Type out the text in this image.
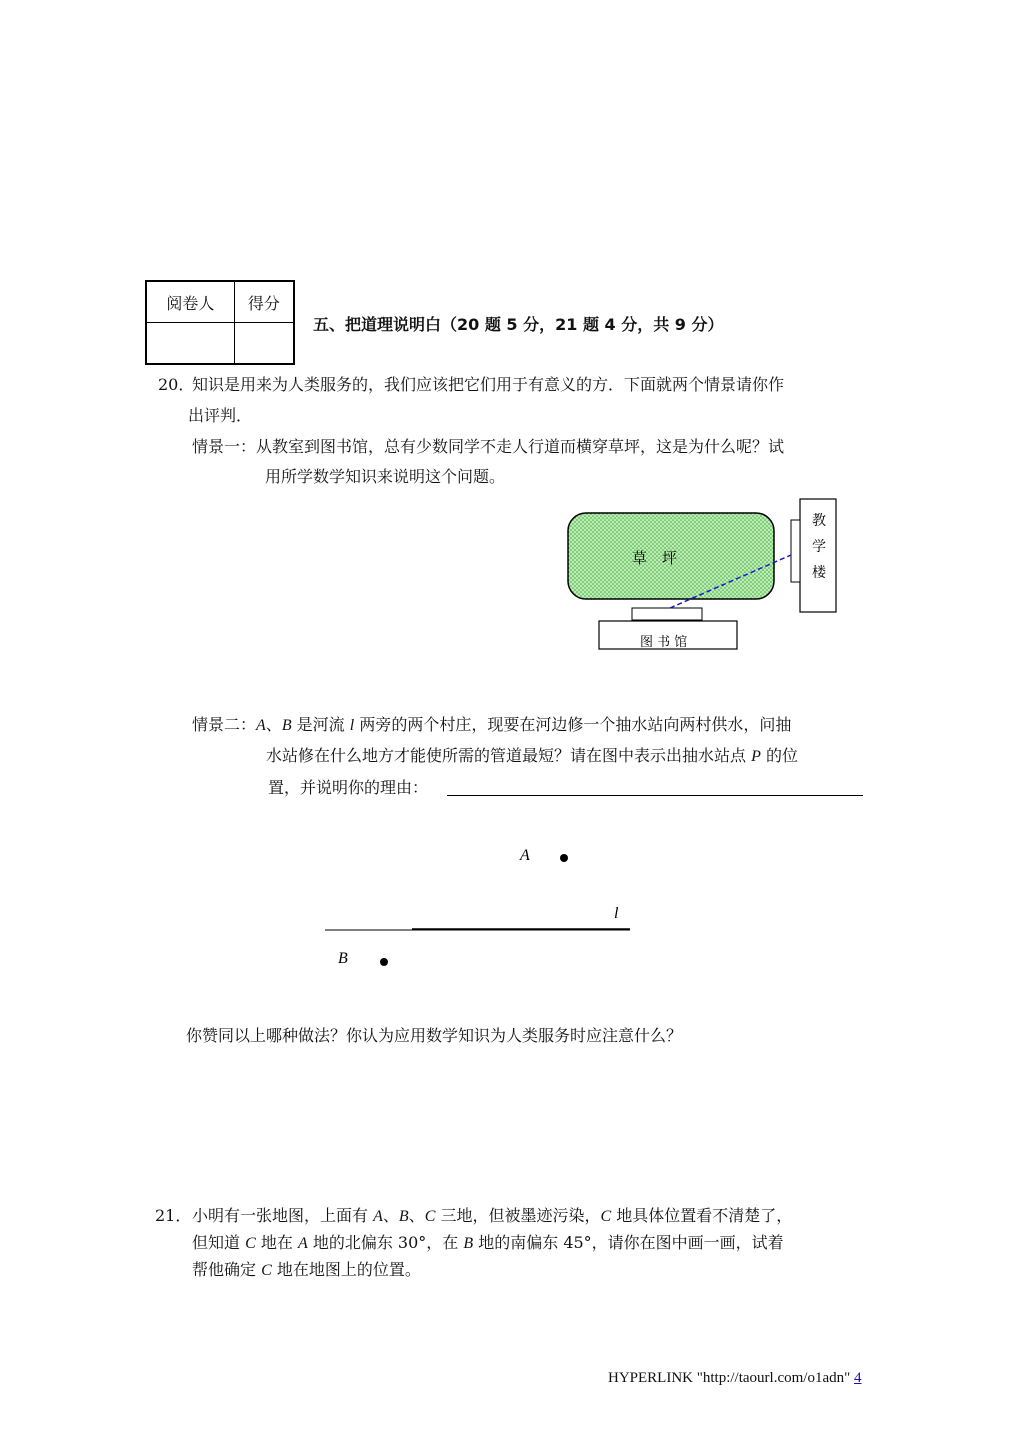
阅卷人	得分

五、把道理说明白（20 题 5 分，21 题 4 分，共 9 分）
20．
知识是用来为人类服务的，我们应该把它们用于有意义的方．下面就两个情景请你作
出评判．
情景一：从教室到图书馆，总有少数同学不走人行道而横穿草坪，这是为什么呢？试
用所学数学知识来说明这个问题。
草　坪
教
学
楼
图 书 馆
情景二：A、B 是河流 l 两旁的两个村庄，现要在河边修一个抽水站向两村供水，问抽
水站修在什么地方才能使所需的管道最短？请在图中表示出抽水站点 P 的位
置，并说明你的理由：
A
l
B
你赞同以上哪种做法？你认为应用数学知识为人类服务时应注意什么？
21． 小明有一张地图，上面有 A、B、C 三地，但被墨迹污染，C 地具体位置看不清楚了，
但知道 C 地在 A 地的北偏东 30°，在 B 地的南偏东 45°，请你在图中画一画，试着
帮他确定 C 地在地图上的位置。
HYPERLINK "http://taourl.com/o1adn" 4
